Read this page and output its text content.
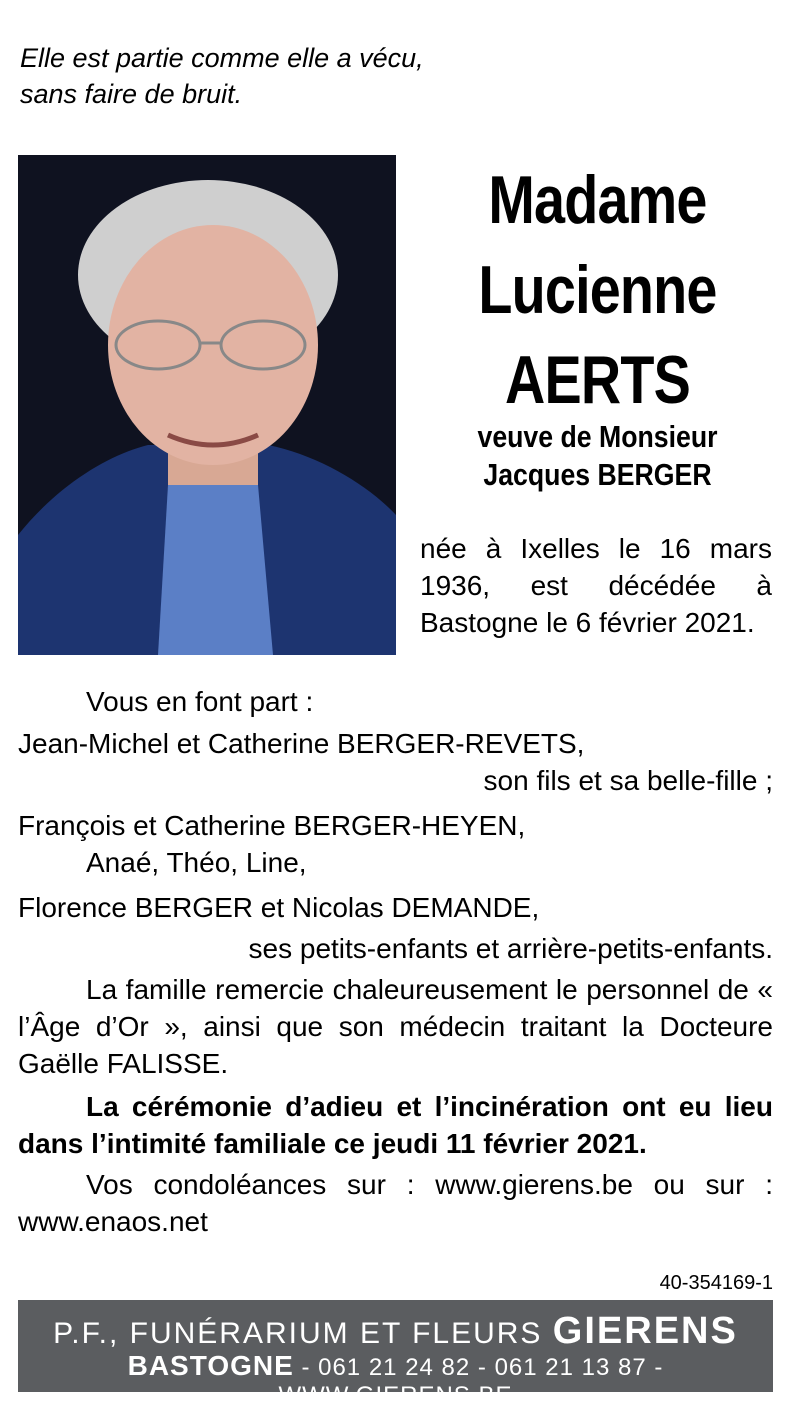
Elle est partie comme elle a vécu,
sans faire de bruit.
Madame
Lucienne
AERTS
veuve de Monsieur
Jacques BERGER
née à Ixelles le 16 mars 1936, est décédée à Bastogne le 6 février 2021.
Vous en font part :
Jean-Michel et Catherine BERGER-REVETS,
son fils et sa belle-fille ;
François et Catherine BERGER-HEYEN,
Anaé, Théo, Line,
Florence BERGER et Nicolas DEMANDE,
ses petits-enfants et arrière-petits-enfants.
La famille remercie chaleureusement le personnel de « l’Âge d’Or », ainsi que son médecin traitant la Docteure Gaëlle FALISSE.
La cérémonie d’adieu et l’incinération ont eu lieu dans l’intimité familiale ce jeudi 11 février 2021.
Vos condoléances sur : www.gierens.be ou sur : www.enaos.net
40-354169-1
P.F., FUNÉRARIUM ET FLEURS GIERENS
BASTOGNE - 061 21 24 82 - 061 21 13 87 - WWW.GIERENS.BE
